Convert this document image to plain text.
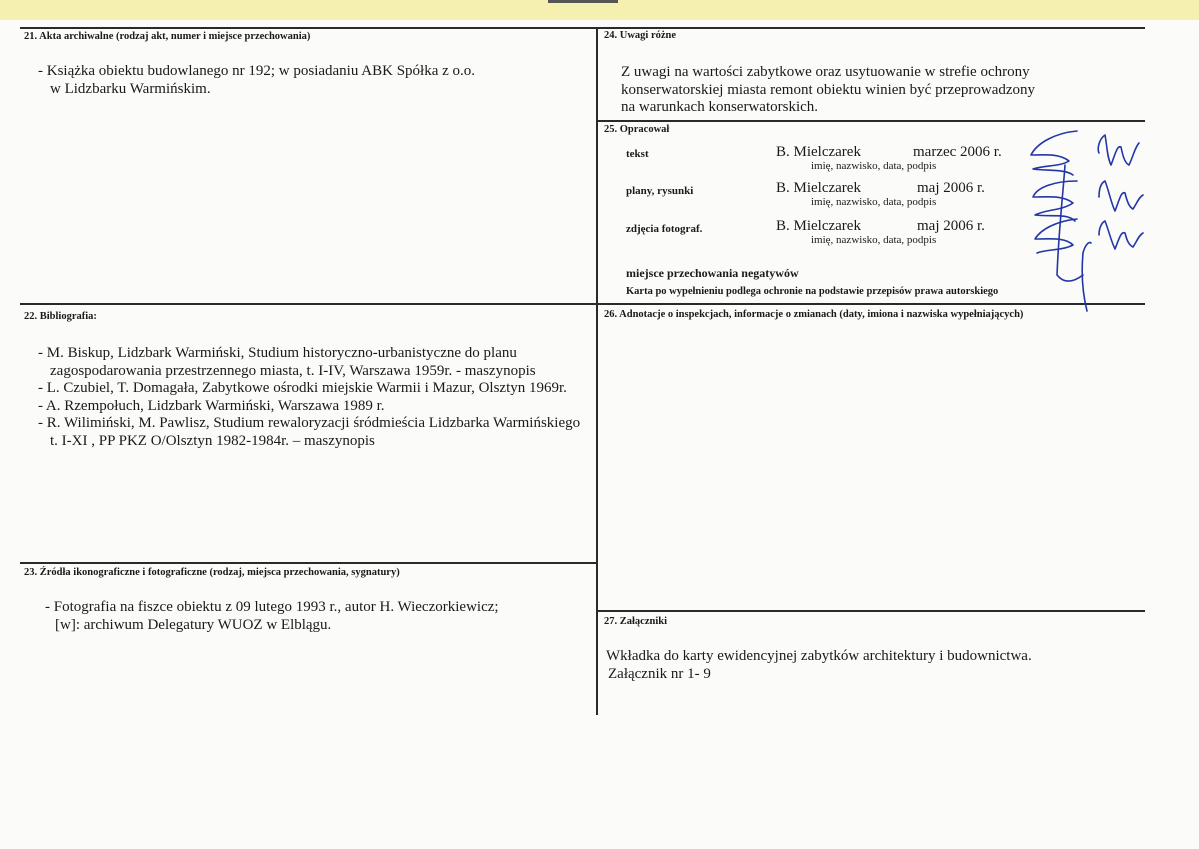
21. Akta archiwalne (rodzaj akt, numer i miejsce przechowania)

- Książka obiektu budowlanego nr 192; w posiadaniu ABK Spółka z o.o.

w Lidzbarku Warmińskim.

22. Bibliografia:

- M. Biskup, Lidzbark Warmiński, Studium historyczno-urbanistyczne do planu zagospodarowania przestrzennego miasta, t. I-IV, Warszawa 1959r. - maszynopis

- L. Czubiel, T. Domagała, Zabytkowe ośrodki miejskie Warmii i Mazur, Olsztyn 1969r.

- A. Rzempołuch, Lidzbark Warmiński, Warszawa 1989 r.

- R. Wilimiński, M. Pawlisz, Studium rewaloryzacji śródmieścia Lidzbarka Warmińskiego t. I-XI , PP PKZ O/Olsztyn 1982-1984r. – maszynopis

23. Źródła ikonograficzne i fotograficzne (rodzaj, miejsca przechowania, sygnatury)

- Fotografia na fiszce obiektu z 09 lutego 1993 r., autor H. Wieczorkiewicz;

[w]: archiwum Delegatury WUOZ w Elblągu.

24. Uwagi różne

Z uwagi na wartości zabytkowe oraz usytuowanie w strefie ochrony

konserwatorskiej miasta remont obiektu winien być przeprowadzony

na warunkach konserwatorskich.

25. Opracował
tekst	B. Mielczarek	marzec 2006 r.
imię, nazwisko, data, podpis
plany, rysunki	B. Mielczarek	maj 2006 r.
imię, nazwisko, data, podpis
zdjęcia fotograf.	B. Mielczarek	maj 2006 r.
imię, nazwisko, data, podpis
miejsce przechowania negatywów
Karta po wypełnieniu podlega ochronie na podstawie przepisów prawa autorskiego
26. Adnotacje o inspekcjach, informacje o zmianach (daty, imiona i nazwiska wypełniających)
27. Załączniki

Wkładka do karty ewidencyjnej zabytków architektury i budownictwa.

Załącznik nr 1- 9
